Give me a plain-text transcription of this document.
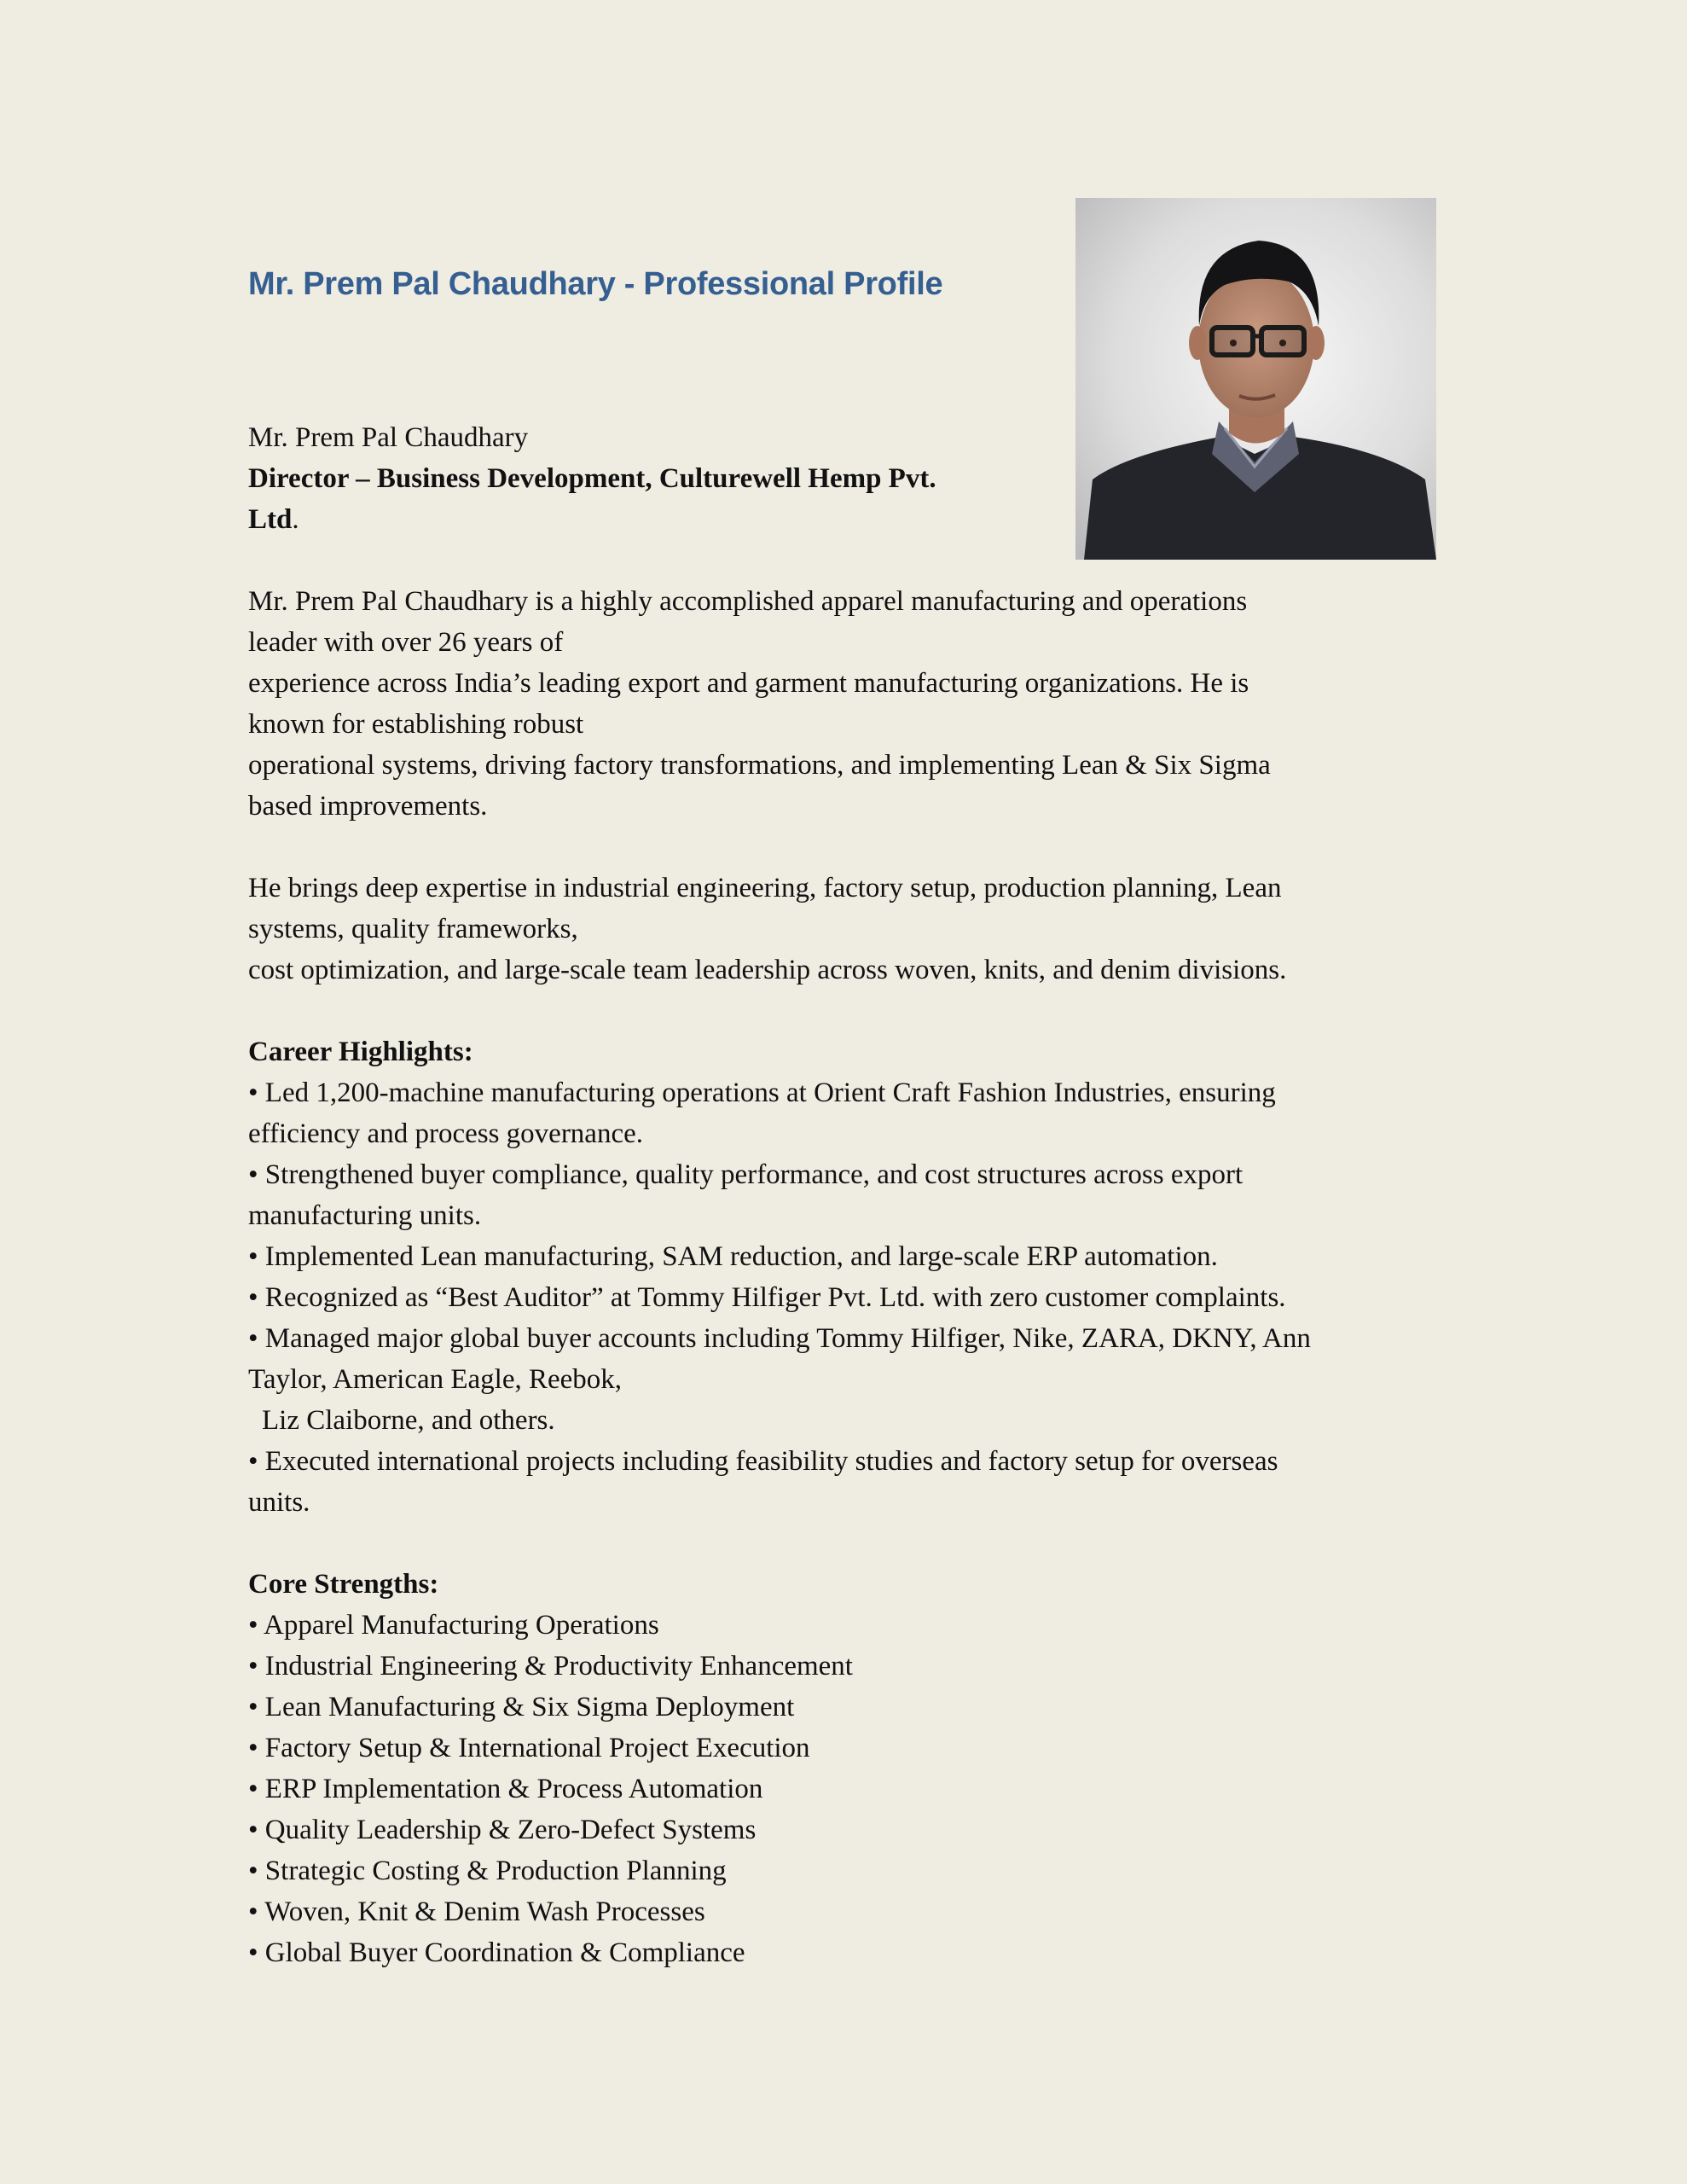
Mr. Prem Pal Chaudhary - Professional Profile
Mr. Prem Pal Chaudhary
Director – Business Development, Culturewell Hemp Pvt.
Ltd.
Mr. Prem Pal Chaudhary is a highly accomplished apparel manufacturing and operations
leader with over 26 years of
experience across India’s leading export and garment manufacturing organizations. He is
known for establishing robust
operational systems, driving factory transformations, and implementing Lean & Six Sigma
based improvements.
He brings deep expertise in industrial engineering, factory setup, production planning, Lean
systems, quality frameworks,
cost optimization, and large-scale team leadership across woven, knits, and denim divisions.
Career Highlights:
• Led 1,200-machine manufacturing operations at Orient Craft Fashion Industries, ensuring
efficiency and process governance.
• Strengthened buyer compliance, quality performance, and cost structures across export
manufacturing units.
• Implemented Lean manufacturing, SAM reduction, and large-scale ERP automation.
• Recognized as “Best Auditor” at Tommy Hilfiger Pvt. Ltd. with zero customer complaints.
• Managed major global buyer accounts including Tommy Hilfiger, Nike, ZARA, DKNY, Ann
Taylor, American Eagle, Reebok,
Liz Claiborne, and others.
• Executed international projects including feasibility studies and factory setup for overseas
units.
Core Strengths:
• Apparel Manufacturing Operations
• Industrial Engineering & Productivity Enhancement
• Lean Manufacturing & Six Sigma Deployment
• Factory Setup & International Project Execution
• ERP Implementation & Process Automation
• Quality Leadership & Zero-Defect Systems
• Strategic Costing & Production Planning
• Woven, Knit & Denim Wash Processes
• Global Buyer Coordination & Compliance
